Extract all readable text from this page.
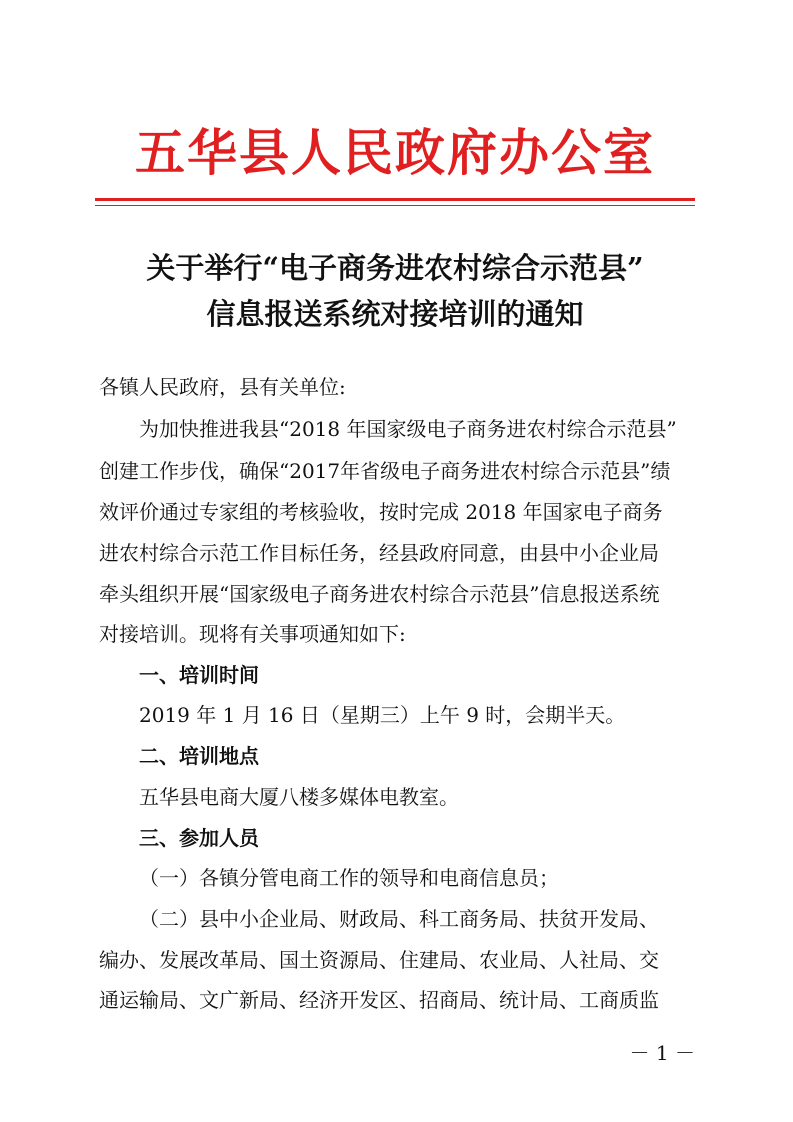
五华县人民政府办公室
关于举行“电子商务进农村综合示范县”
信息报送系统对接培训的通知
各镇人民政府，县有关单位:
为加快推进我县“2018 年国家级电子商务进农村综合示范县”
创建工作步伐，确保“2017年省级电子商务进农村综合示范县”绩
效评价通过专家组的考核验收，按时完成 2018 年国家电子商务
进农村综合示范工作目标任务，经县政府同意，由县中小企业局
牵头组织开展“国家级电子商务进农村综合示范县”信息报送系统
对接培训。现将有关事项通知如下:
一、培训时间
2019 年 1 月 16 日（星期三）上午 9 时，会期半天。
二、培训地点
五华县电商大厦八楼多媒体电教室。
三、参加人员
（一）各镇分管电商工作的领导和电商信息员；
（二）县中小企业局、财政局、科工商务局、扶贫开发局、
编办、发展改革局、国土资源局、住建局、农业局、人社局、交
通运输局、文广新局、经济开发区、招商局、统计局、工商质监
－ 1 －
